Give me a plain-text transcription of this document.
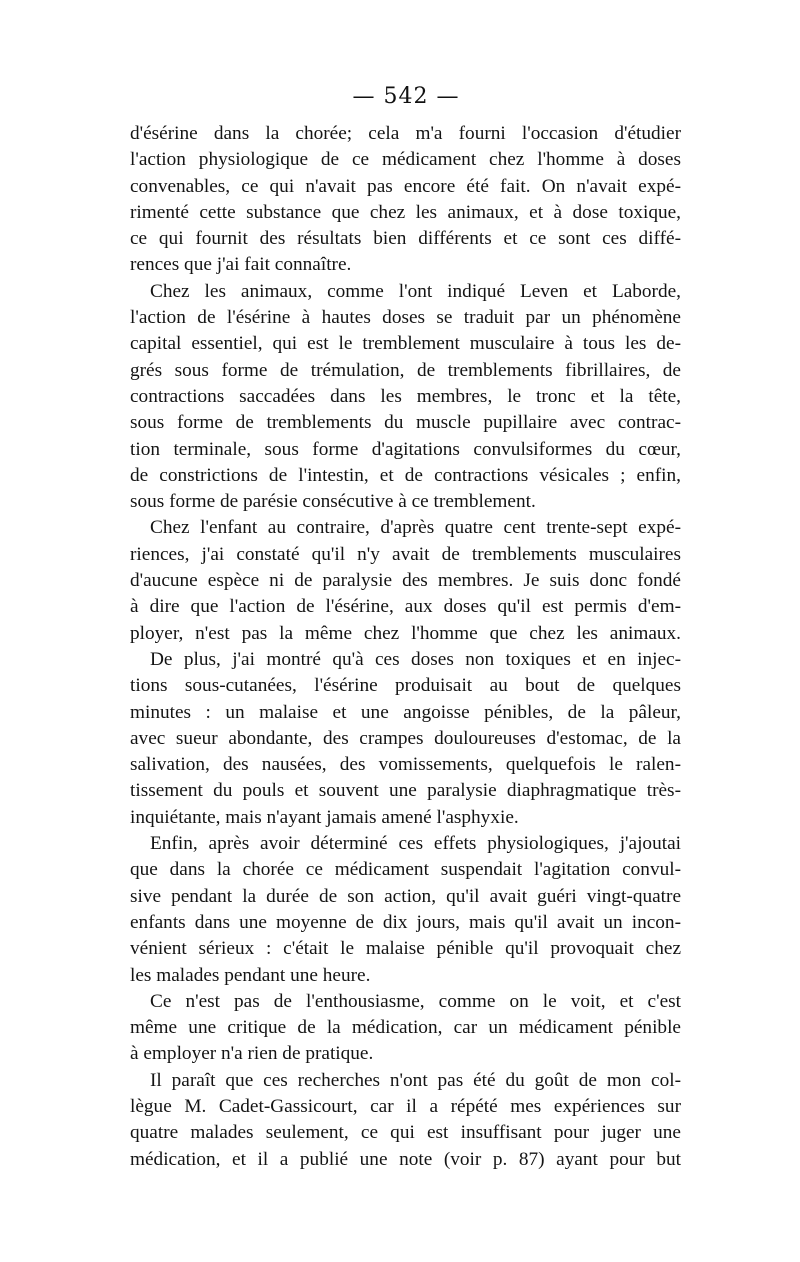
— 542 —
d'ésérine dans la chorée; cela m'a fourni l'occasion d'étudier
l'action physiologique de ce médicament chez l'homme à doses
convenables, ce qui n'avait pas encore été fait. On n'avait expé-
rimenté cette substance que chez les animaux, et à dose toxique,
ce qui fournit des résultats bien différents et ce sont ces diffé-
rences que j'ai fait connaître.
Chez les animaux, comme l'ont indiqué Leven et Laborde,
l'action de l'ésérine à hautes doses se traduit par un phénomène
capital essentiel, qui est le tremblement musculaire à tous les de-
grés sous forme de trémulation, de tremblements fibrillaires, de
contractions saccadées dans les membres, le tronc et la tête,
sous forme de tremblements du muscle pupillaire avec contrac-
tion terminale, sous forme d'agitations convulsiformes du cœur,
de constrictions de l'intestin, et de contractions vésicales ; enfin,
sous forme de parésie consécutive à ce tremblement.
Chez l'enfant au contraire, d'après quatre cent trente-sept expé-
riences, j'ai constaté qu'il n'y avait de tremblements musculaires
d'aucune espèce ni de paralysie des membres. Je suis donc fondé
à dire que l'action de l'ésérine, aux doses qu'il est permis d'em-
ployer, n'est pas la même chez l'homme que chez les animaux.
De plus, j'ai montré qu'à ces doses non toxiques et en injec-
tions sous-cutanées, l'ésérine produisait au bout de quelques
minutes : un malaise et une angoisse pénibles, de la pâleur,
avec sueur abondante, des crampes douloureuses d'estomac, de la
salivation, des nausées, des vomissements, quelquefois le ralen-
tissement du pouls et souvent une paralysie diaphragmatique très-
inquiétante, mais n'ayant jamais amené l'asphyxie.
Enfin, après avoir déterminé ces effets physiologiques, j'ajoutai
que dans la chorée ce médicament suspendait l'agitation convul-
sive pendant la durée de son action, qu'il avait guéri vingt-quatre
enfants dans une moyenne de dix jours, mais qu'il avait un incon-
vénient sérieux : c'était le malaise pénible qu'il provoquait chez
les malades pendant une heure.
Ce n'est pas de l'enthousiasme, comme on le voit, et c'est
même une critique de la médication, car un médicament pénible
à employer n'a rien de pratique.
Il paraît que ces recherches n'ont pas été du goût de mon col-
lègue M. Cadet-Gassicourt, car il a répété mes expériences sur
quatre malades seulement, ce qui est insuffisant pour juger une
médication, et il a publié une note (voir p. 87) ayant pour but
